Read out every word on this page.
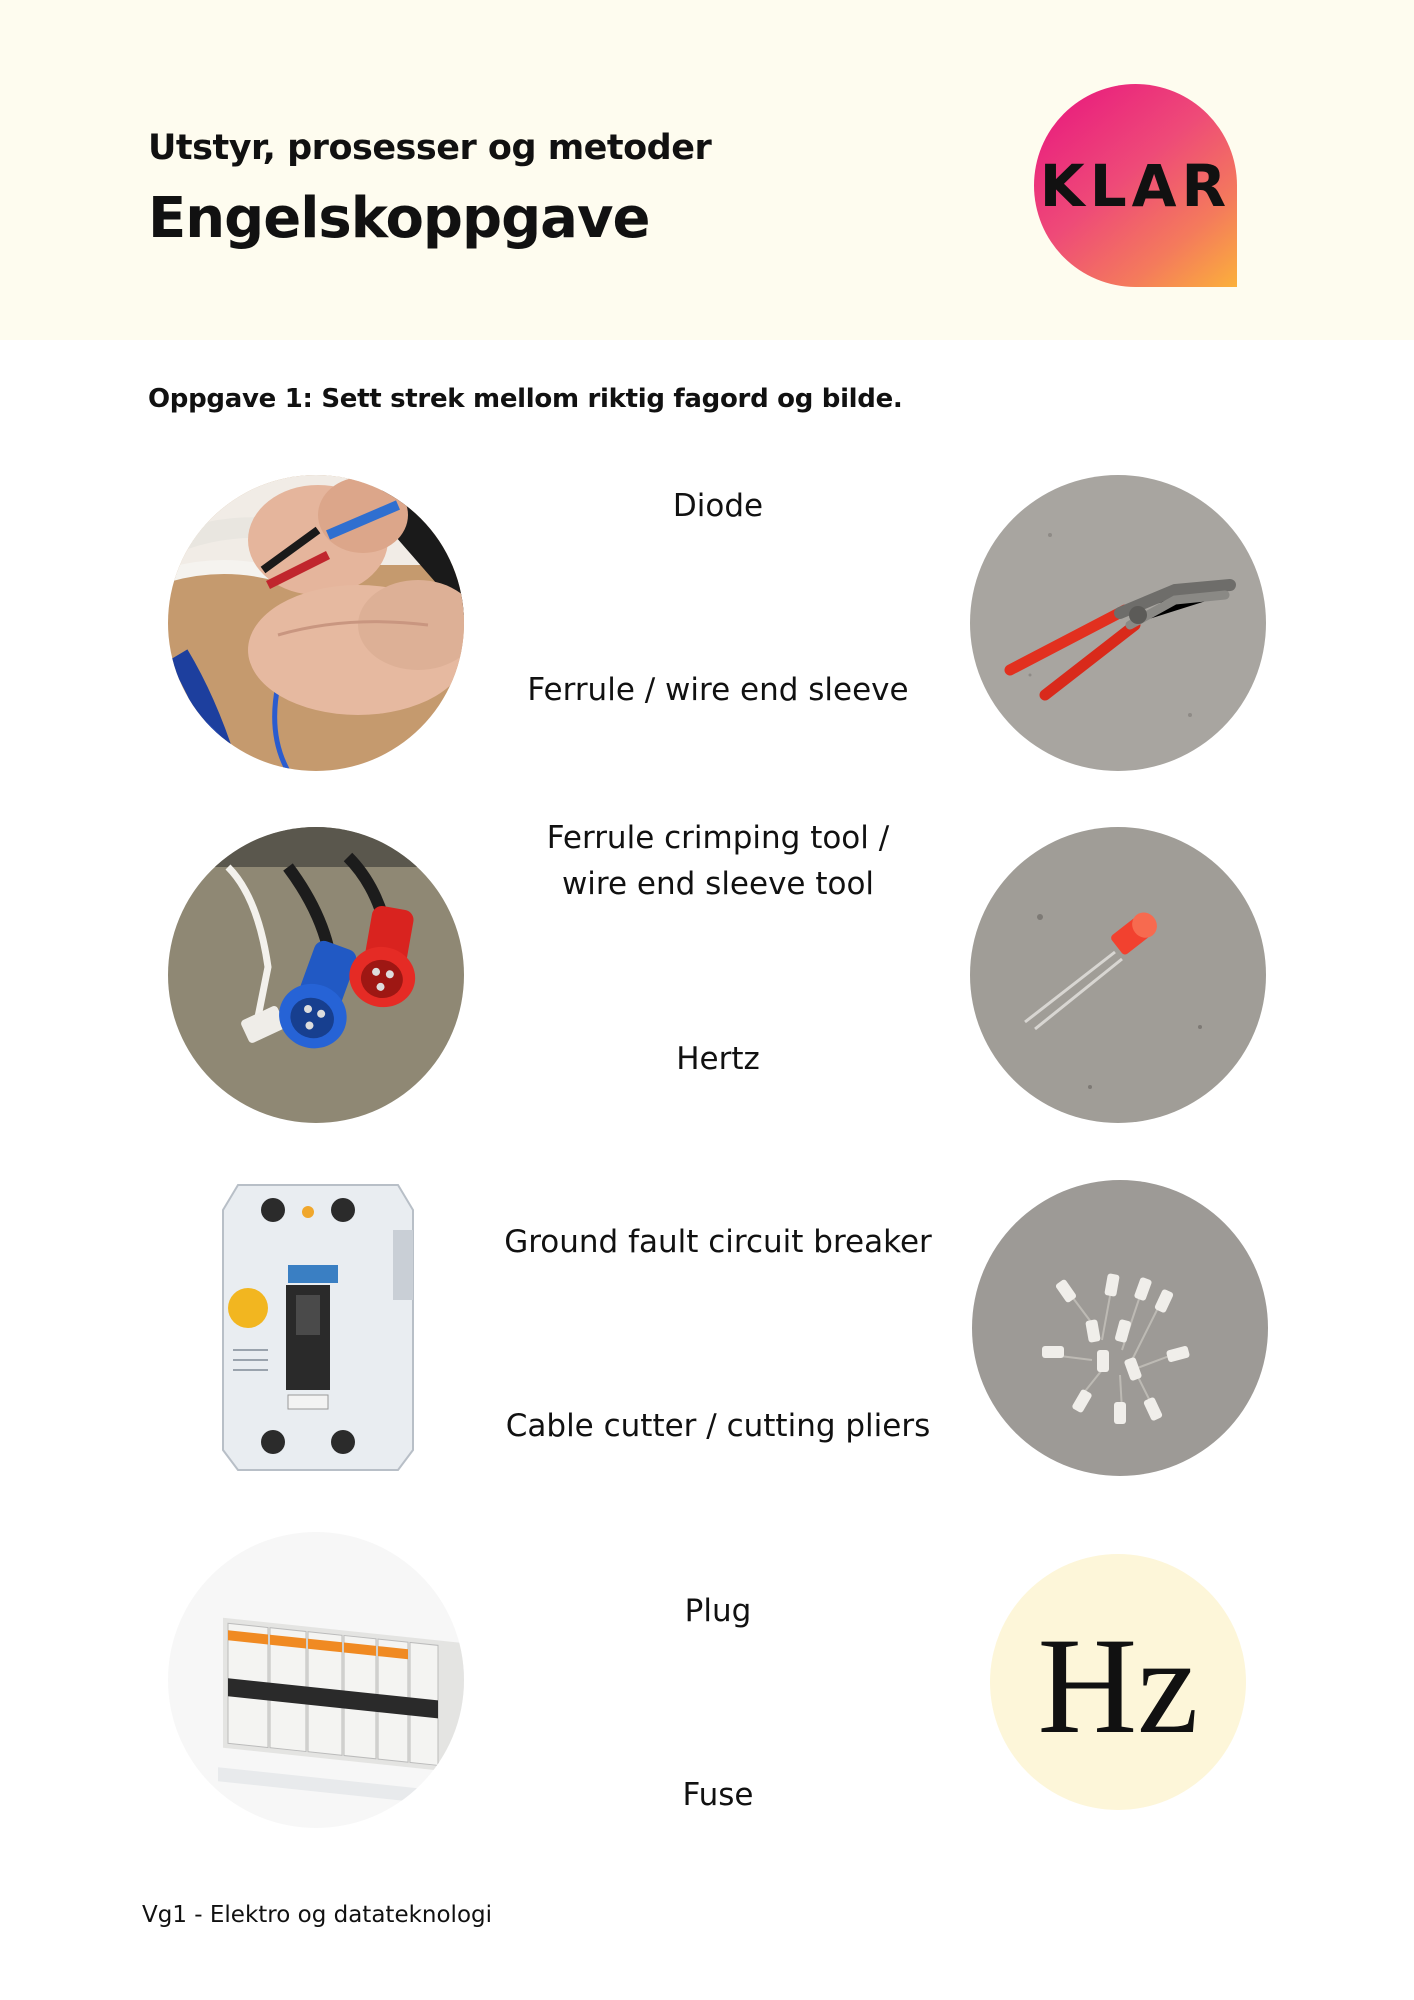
Utstyr, prosesser og metoder
Engelskoppgave	KLAR
Oppgave 1: Sett strek mellom riktig fagord og bilde.
Diode
Ferrule / wire end sleeve
Ferrule crimping tool /
wire end sleeve tool
Hertz
Ground fault circuit breaker
Cable cutter / cutting pliers
Plug
Fuse
Hz
Vg1 - Elektro og datateknologi
